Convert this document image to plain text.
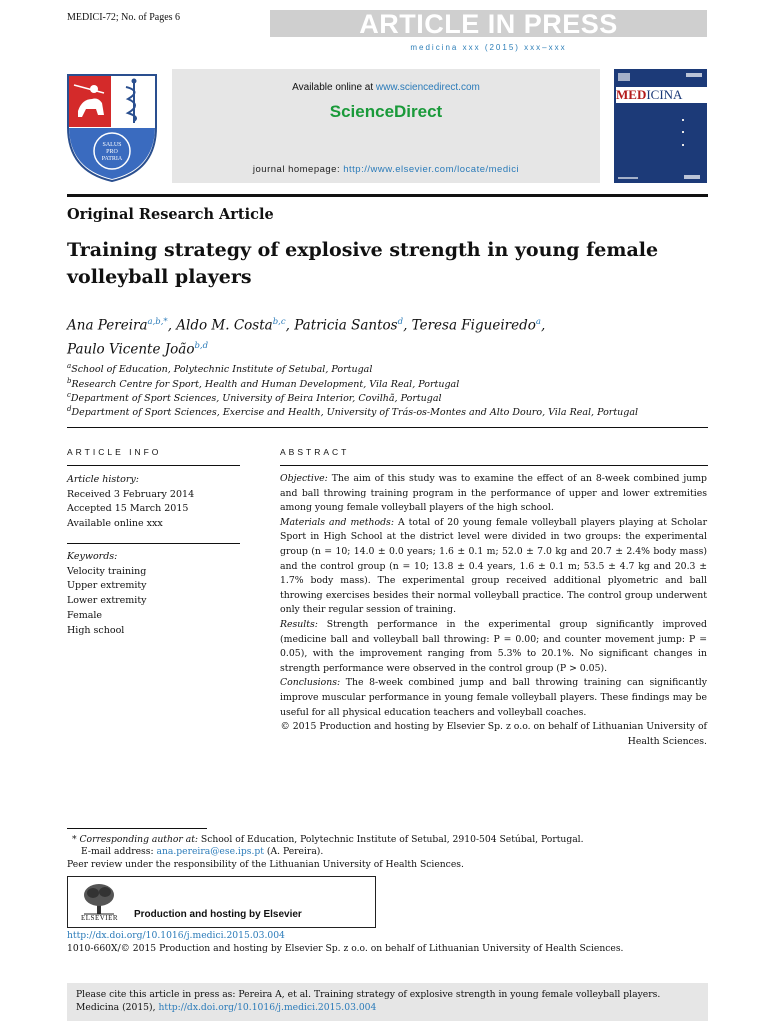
MEDICI-72; No. of Pages 6	ARTICLE IN PRESS
medicina xxx (2015) xxx–xxx
SALUS
PRO
PATRIA
Available online at www.sciencedirect.com
ScienceDirect
journal homepage: http://www.elsevier.com/locate/medici
MEDICINA
Original Research Article
Training strategy of explosive strength in young female volleyball players
Ana Pereira$^{a,b,*}$, Aldo M. Costa$^{b,c}$, Patricia Santos$^d$, Teresa Figueiredo$^a$,
Paulo Vicente João$^{b,d}$
$^a$School of Education, Polytechnic Institute of Setubal, Portugal
$^b$Research Centre for Sport, Health and Human Development, Vila Real, Portugal
$^c$Department of Sport Sciences, University of Beira Interior, Covilhã, Portugal
$^d$Department of Sport Sciences, Exercise and Health, University of Trás-os-Montes and Alto Douro, Vila Real, Portugal
ARTICLE INFO
Article history:
Received 3 February 2014
Accepted 15 March 2015
Available online xxx
Keywords:
Velocity training
Upper extremity
Lower extremity
Female
High school
ABSTRACT

Objective: The aim of this study was to examine the effect of an 8-week combined jump and ball throwing training program in the performance of upper and lower extremities among young female volleyball players of the high school.

Materials and methods: A total of 20 young female volleyball players playing at Scholar Sport in High School at the district level were divided in two groups: the experimental group (n = 10; 14.0 ± 0.0 years; 1.6 ± 0.1 m; 52.0 ± 7.0 kg and 20.7 ± 2.4% body mass) and the control group (n = 10; 13.8 ± 0.4 years, 1.6 ± 0.1 m; 53.5 ± 4.7 kg and 20.3 ± 1.7% body mass). The experimental group received additional plyometric and ball throwing exercises besides their normal volleyball practice. The control group underwent only their regular session of training.

Results: Strength performance in the experimental group significantly improved (medicine ball and volleyball ball throwing: P = 0.00; and counter movement jump: P = 0.05), with the improvement ranging from 5.3% to 20.1%. No significant changes in strength performance were observed in the control group (P > 0.05).

Conclusions: The 8-week combined jump and ball throwing training can significantly improve muscular performance in young female volleyball players. These findings may be useful for all physical education teachers and volleyball coaches.

© 2015 Production and hosting by Elsevier Sp. z o.o. on behalf of Lithuanian University of Health Sciences.

* Corresponding author at: School of Education, Polytechnic Institute of Setubal, 2910-504 Setúbal, Portugal.
E-mail address: ana.pereira@ese.ips.pt (A. Pereira).
Peer review under the responsibility of the Lithuanian University of Health Sciences.
ELSEVIER Production and hosting by Elsevier
http://dx.doi.org/10.1016/j.medici.2015.03.004
1010-660X/© 2015 Production and hosting by Elsevier Sp. z o.o. on behalf of Lithuanian University of Health Sciences.
Please cite this article in press as: Pereira A, et al. Training strategy of explosive strength in young female volleyball players. Medicina (2015), http://dx.doi.org/10.1016/j.medici.2015.03.004
